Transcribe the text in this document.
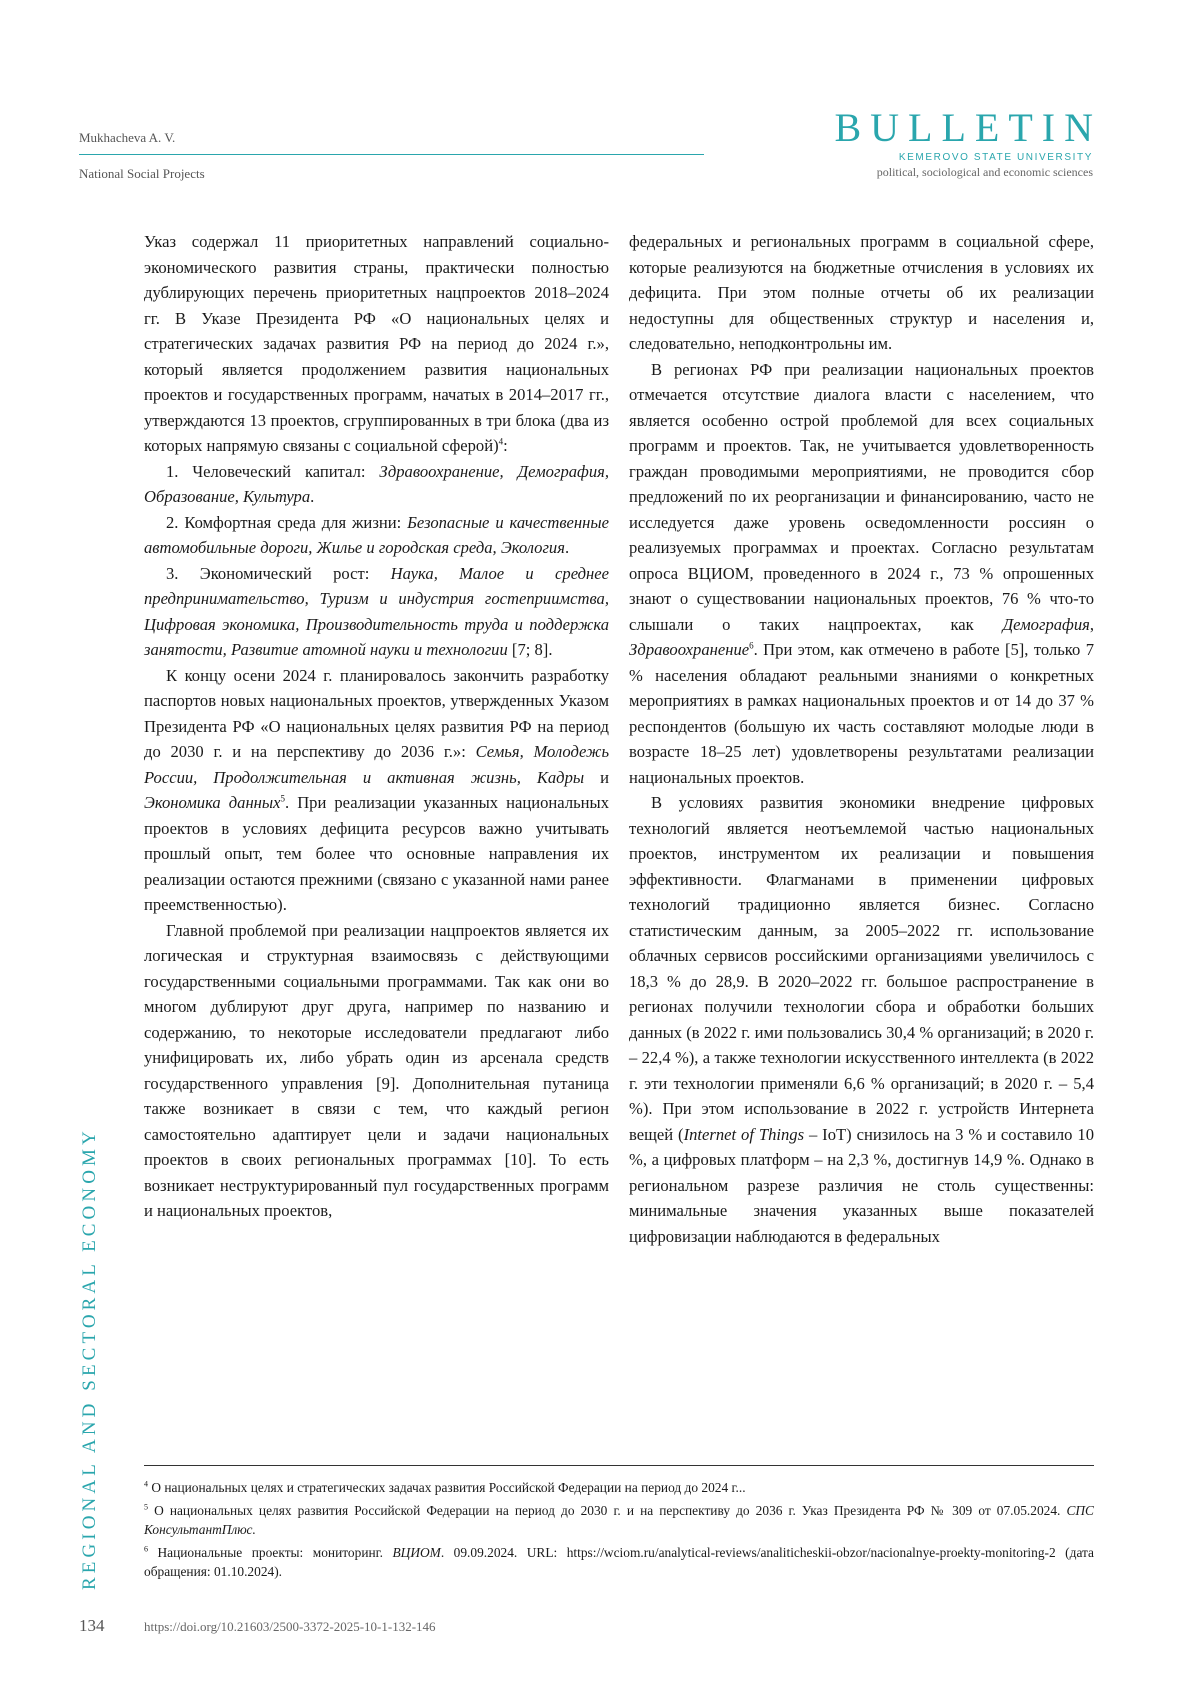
Mukhacheva A. V.
National Social Projects
BULLETIN
KEMEROVO STATE UNIVERSITY
political, sociological and economic sciences
REGIONAL AND SECTORAL ECONOMY

Указ содержал 11 приоритетных направлений социально-экономического развития страны, практически полностью дублирующих перечень приоритетных нацпроектов 2018–2024 гг. В Указе Президента РФ «О национальных целях и стратегических задачах развития РФ на период до 2024 г.», который является продолжением развития национальных проектов и государственных программ, начатых в 2014–2017 гг., утверждаются 13 проектов, сгруппированных в три блока (два из которых напрямую связаны с социальной сферой)$^4$:

1. Человеческий капитал: Здравоохранение, Демография, Образование, Культура.

2. Комфортная среда для жизни: Безопасные и качественные автомобильные дороги, Жилье и городская среда, Экология.

3. Экономический рост: Наука, Малое и среднее предпринимательство, Туризм и индустрия гостеприимства, Цифровая экономика, Производительность труда и поддержка занятости, Развитие атомной науки и технологии [7; 8].

К концу осени 2024 г. планировалось закончить разработку паспортов новых национальных проектов, утвержденных Указом Президента РФ «О национальных целях развития РФ на период до 2030 г. и на перспективу до 2036 г.»: Семья, Молодежь России, Продолжительная и активная жизнь, Кадры и Экономика данных$^5$. При реализации указанных национальных проектов в условиях дефицита ресурсов важно учитывать прошлый опыт, тем более что основные направления их реализации остаются прежними (связано с указанной нами ранее преемственностью).

Главной проблемой при реализации нацпроектов является их логическая и структурная взаимосвязь с действующими государственными социальными программами. Так как они во многом дублируют друг друга, например по названию и содержанию, то некоторые исследователи предлагают либо унифицировать их, либо убрать один из арсенала средств государственного управления [9]. Дополнительная путаница также возникает в связи с тем, что каждый регион самостоятельно адаптирует цели и задачи национальных проектов в своих региональных программах [10]. То есть возникает неструктурированный пул государственных программ и национальных проектов,

федеральных и региональных программ в социальной сфере, которые реализуются на бюджетные отчисления в условиях их дефицита. При этом полные отчеты об их реализации недоступны для общественных структур и населения и, следовательно, неподконтрольны им.

В регионах РФ при реализации национальных проектов отмечается отсутствие диалога власти с населением, что является особенно острой проблемой для всех социальных программ и проектов. Так, не учитывается удовлетворенность граждан проводимыми мероприятиями, не проводится сбор предложений по их реорганизации и финансированию, часто не исследуется даже уровень осведомленности россиян о реализуемых программах и проектах. Согласно результатам опроса ВЦИОМ, проведенного в 2024 г., 73 % опрошенных знают о существовании национальных проектов, 76 % что-то слышали о таких нацпроектах, как Демография, Здравоохранение$^6$. При этом, как отмечено в работе [5], только 7 % населения обладают реальными знаниями о конкретных мероприятиях в рамках национальных проектов и от 14 до 37 % респондентов (большую их часть составляют молодые люди в возрасте 18–25 лет) удовлетворены результатами реализации национальных проектов.

В условиях развития экономики внедрение цифровых технологий является неотъемлемой частью национальных проектов, инструментом их реализации и повышения эффективности. Флагманами в применении цифровых технологий традиционно является бизнес. Согласно статистическим данным, за 2005–2022 гг. использование облачных сервисов российскими организациями увеличилось с 18,3 % до 28,9. В 2020–2022 гг. большое распространение в регионах получили технологии сбора и обработки больших данных (в 2022 г. ими пользовались 30,4 % организаций; в 2020 г. – 22,4 %), а также технологии искусственного интеллекта (в 2022 г. эти технологии применяли 6,6 % организаций; в 2020 г. – 5,4 %). При этом использование в 2022 г. устройств Интернета вещей (Internet of Things – IoT) снизилось на 3 % и составило 10 %, а цифровых платформ – на 2,3 %, достигнув 14,9 %. Однако в региональном разрезе различия не столь существенны: минимальные значения указанных выше показателей цифровизации наблюдаются в федеральных

$^4$ О национальных целях и стратегических задачах развития Российской Федерации на период до 2024 г...
$^5$ О национальных целях развития Российской Федерации на период до 2030 г. и на перспективу до 2036 г. Указ Президента РФ № 309 от 07.05.2024. СПС КонсультантПлюс.
$^6$ Национальные проекты: мониторинг. ВЦИОМ. 09.09.2024. URL: https://wciom.ru/analytical-reviews/analiticheskii-obzor/nacionalnye-proekty-monitoring-2 (дата обращения: 01.10.2024).
134	https://doi.org/10.21603/2500-3372-2025-10-1-132-146
